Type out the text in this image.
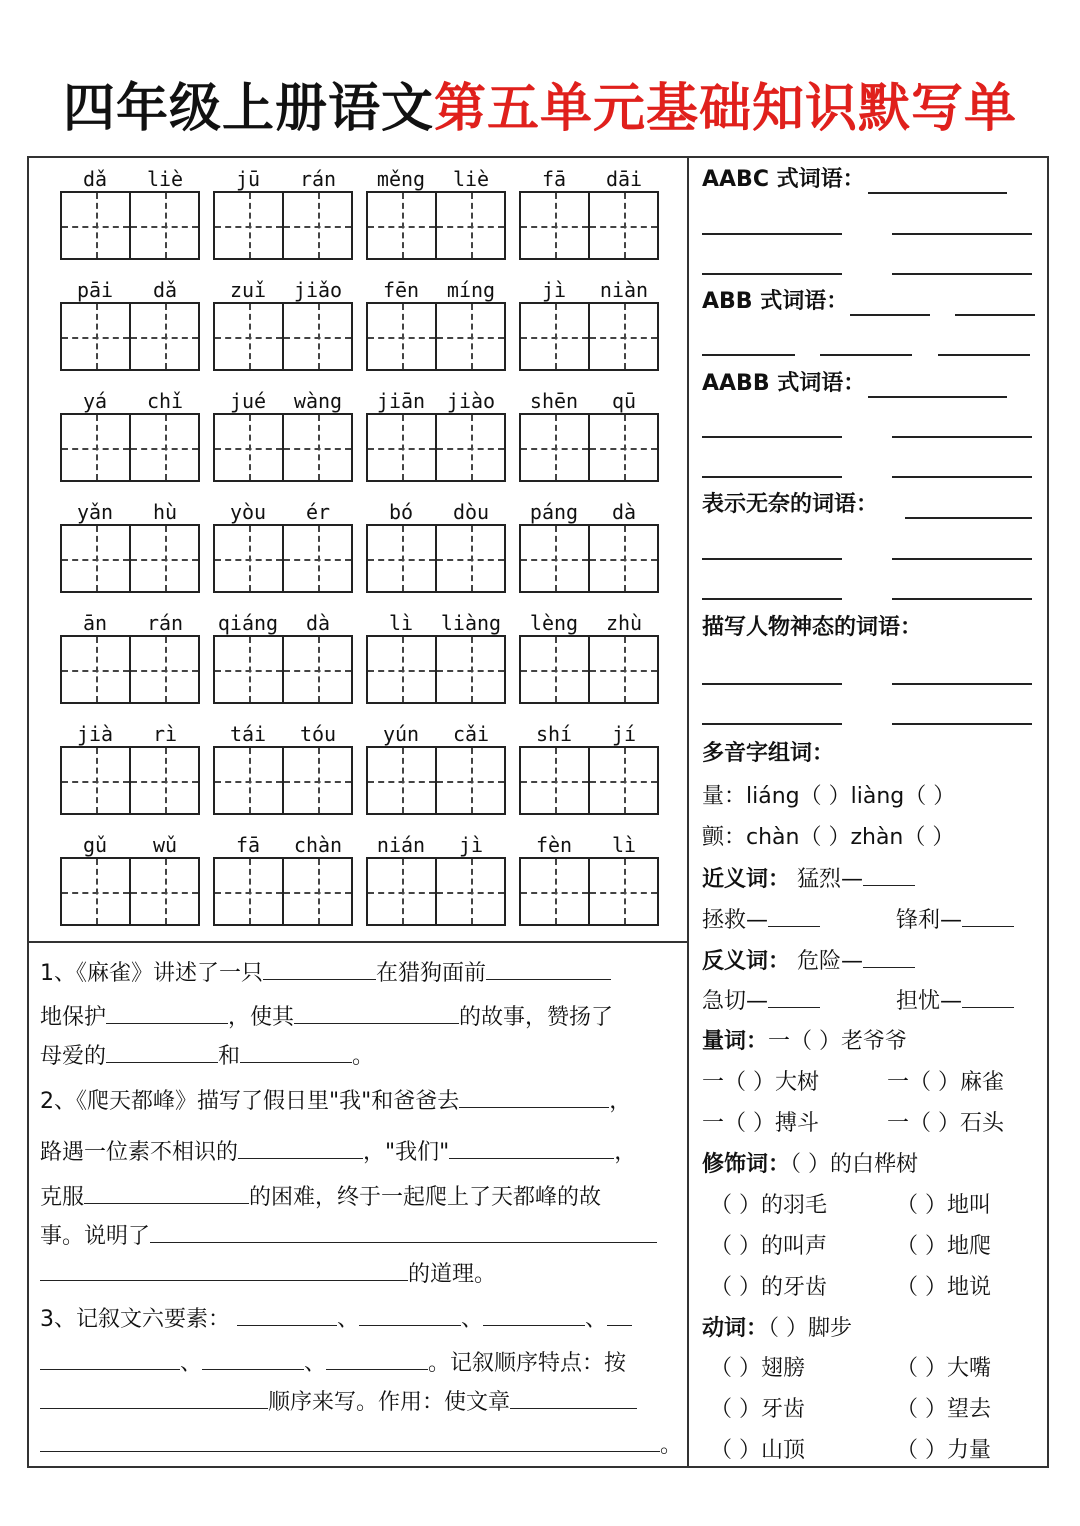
四年级上册语文第五单元基础知识默写单
dǎ	liè	jū	rán	měng	liè	fā	dāi
pāi	dǎ	zuǐ	jiǎo	fēn	míng	jì	niàn
yá	chǐ	jué	wàng	jiān	jiào	shēn	qū
yǎn	hù	yòu	ér	bó	dòu	páng	dà
ān	rán	qiáng	dà	lì	liàng	lèng	zhù
jià	rì	tái	tóu	yún	cǎi	shí	jí
gǔ	wǔ	fā	chàn	nián	jì	fèn	lì
1、《麻雀》讲述了一只	在猎狗面前
地保护	，使其	的故事，赞扬了
母爱的	和	。
2、《爬天都峰》描写了假日里"我"和爸爸去	，
路遇一位素不相识的	，"我们"	，
克服	的困难，终于一起爬上了天都峰的故
事。说明了
的道理。
3、记叙文六要素：	、	、	、
、	、	。记叙顺序特点：按
顺序来写。作用：使文章
。
AABC 式词语：
ABB 式词语：
AABB 式词语：
表示无奈的词语：
描写人物神态的词语：
多音字组词：
量：liáng（ ）liàng（ ）
颤：chàn（ ）zhàn（ ）
近义词： 猛烈—
拯救—	锋利—
反义词： 危险—
急切—	担忧—
量词：一（ ）老爷爷
一（ ）大树	一（ ）麻雀
一（ ）搏斗	一（ ）石头
修饰词：（ ）的白桦树
（ ）的羽毛	（ ）地叫
（ ）的叫声	（ ）地爬
（ ）的牙齿	（ ）地说
动词：（ ）脚步
（ ）翅膀	（ ）大嘴
（ ）牙齿	（ ）望去
（ ）山顶	（ ）力量
